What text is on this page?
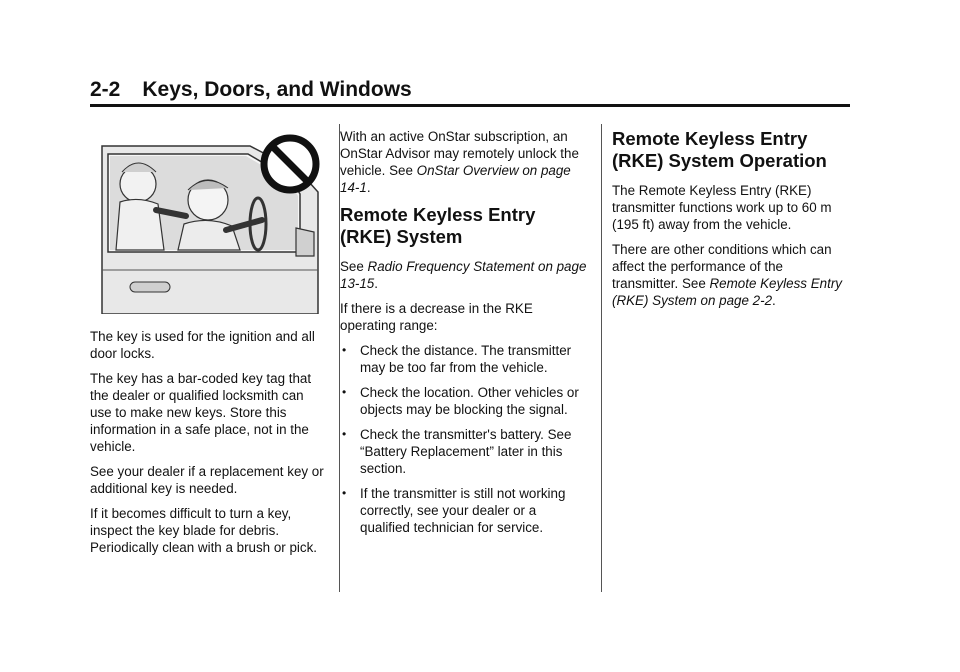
2-2 Keys, Doors, and Windows

The key is used for the ignition and all door locks.

The key has a bar-coded key tag that the dealer or qualified locksmith can use to make new keys. Store this information in a safe place, not in the vehicle.

See your dealer if a replacement key or additional key is needed.

If it becomes difficult to turn a key, inspect the key blade for debris. Periodically clean with a brush or pick.

With an active OnStar subscription, an OnStar Advisor may remotely unlock the vehicle. See OnStar Overview on page 14-1.

Remote Keyless Entry (RKE) System

See Radio Frequency Statement on page 13-15.

If there is a decrease in the RKE operating range:

• Check the distance. The transmitter may be too far from the vehicle.
• Check the location. Other vehicles or objects may be blocking the signal.
• Check the transmitter's battery. See “Battery Replacement” later in this section.
• If the transmitter is still not working correctly, see your dealer or a qualified technician for service.
Remote Keyless Entry (RKE) System Operation

The Remote Keyless Entry (RKE) transmitter functions work up to 60 m (195 ft) away from the vehicle.

There are other conditions which can affect the performance of the transmitter. See Remote Keyless Entry (RKE) System on page 2-2.
